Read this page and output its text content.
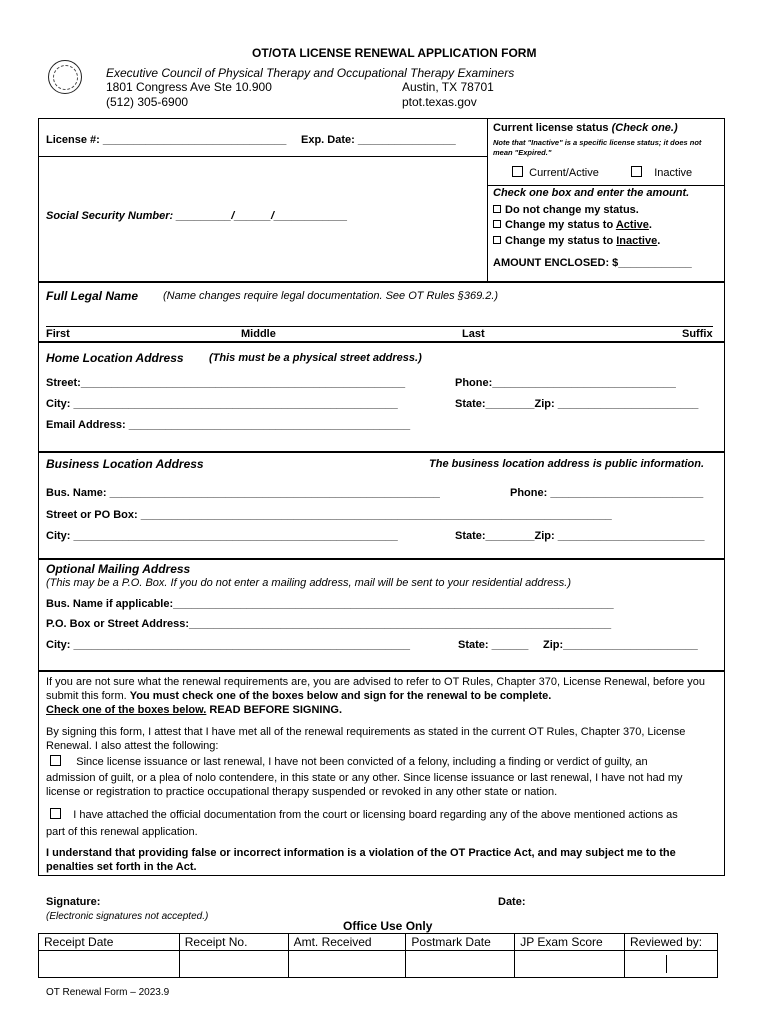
OT/OTA LICENSE RENEWAL APPLICATION FORM
Executive Council of Physical Therapy and Occupational Therapy Examiners
1801 Congress Ave Ste 10.900	Austin, TX 78701
(512) 305-6900	ptot.texas.gov
License #: ______________________________ Exp. Date: ________________
Social Security Number: _________/______/____________
Current license status (Check one.)
Note that "Inactive" is a specific license status; it does not mean "Expired."
Current/Active	Inactive
Check one box and enter the amount.
Do not change my status.
Change my status to Active.
Change my status to Inactive.
AMOUNT ENCLOSED: $____________
Full Legal Name (Name changes require legal documentation. See OT Rules §369.2.)
First	Middle	Last	Suffix
Home Location Address (This must be a physical street address.)
Street:_____________________________________________________	Phone:______________________________
City: _____________________________________________________	State:________Zip: _______________________
Email Address: ______________________________________________
Business Location Address	The business location address is public information.
Bus. Name: ______________________________________________________	Phone: _________________________
Street or PO Box: _____________________________________________________________________________
City: _____________________________________________________	State:________Zip: ________________________
Optional Mailing Address
(This may be a P.O. Box. If you do not enter a mailing address, mail will be sent to your residential address.)
Bus. Name if applicable:________________________________________________________________________
P.O. Box or Street Address:_____________________________________________________________________
City: _______________________________________________________	State: ______ Zip:______________________
If you are not sure what the renewal requirements are, you are advised to refer to OT Rules, Chapter 370, License Renewal, before you submit this form. You must check one of the boxes below and sign for the renewal to be complete.
Check one of the boxes below. READ BEFORE SIGNING.
By signing this form, I attest that I have met all of the renewal requirements as stated in the current OT Rules, Chapter 370, License Renewal. I also attest the following:
Since license issuance or last renewal, I have not been convicted of a felony, including a finding or verdict of guilty, an
admission of guilt, or a plea of nolo contendere, in this state or any other. Since license issuance or last renewal, I have not had my license or registration to practice occupational therapy suspended or revoked in any other state or nation.
I have attached the official documentation from the court or licensing board regarding any of the above mentioned actions as
part of this renewal application.
I understand that providing false or incorrect information is a violation of the OT Practice Act, and may subject me to the penalties set forth in the Act.
Signature:
(Electronic signatures not accepted.)
Date:
Office Use Only
Receipt Date	Receipt No.	Amt. Received	Postmark Date	JP Exam Score	Reviewed by:

OT Renewal Form – 2023.9
